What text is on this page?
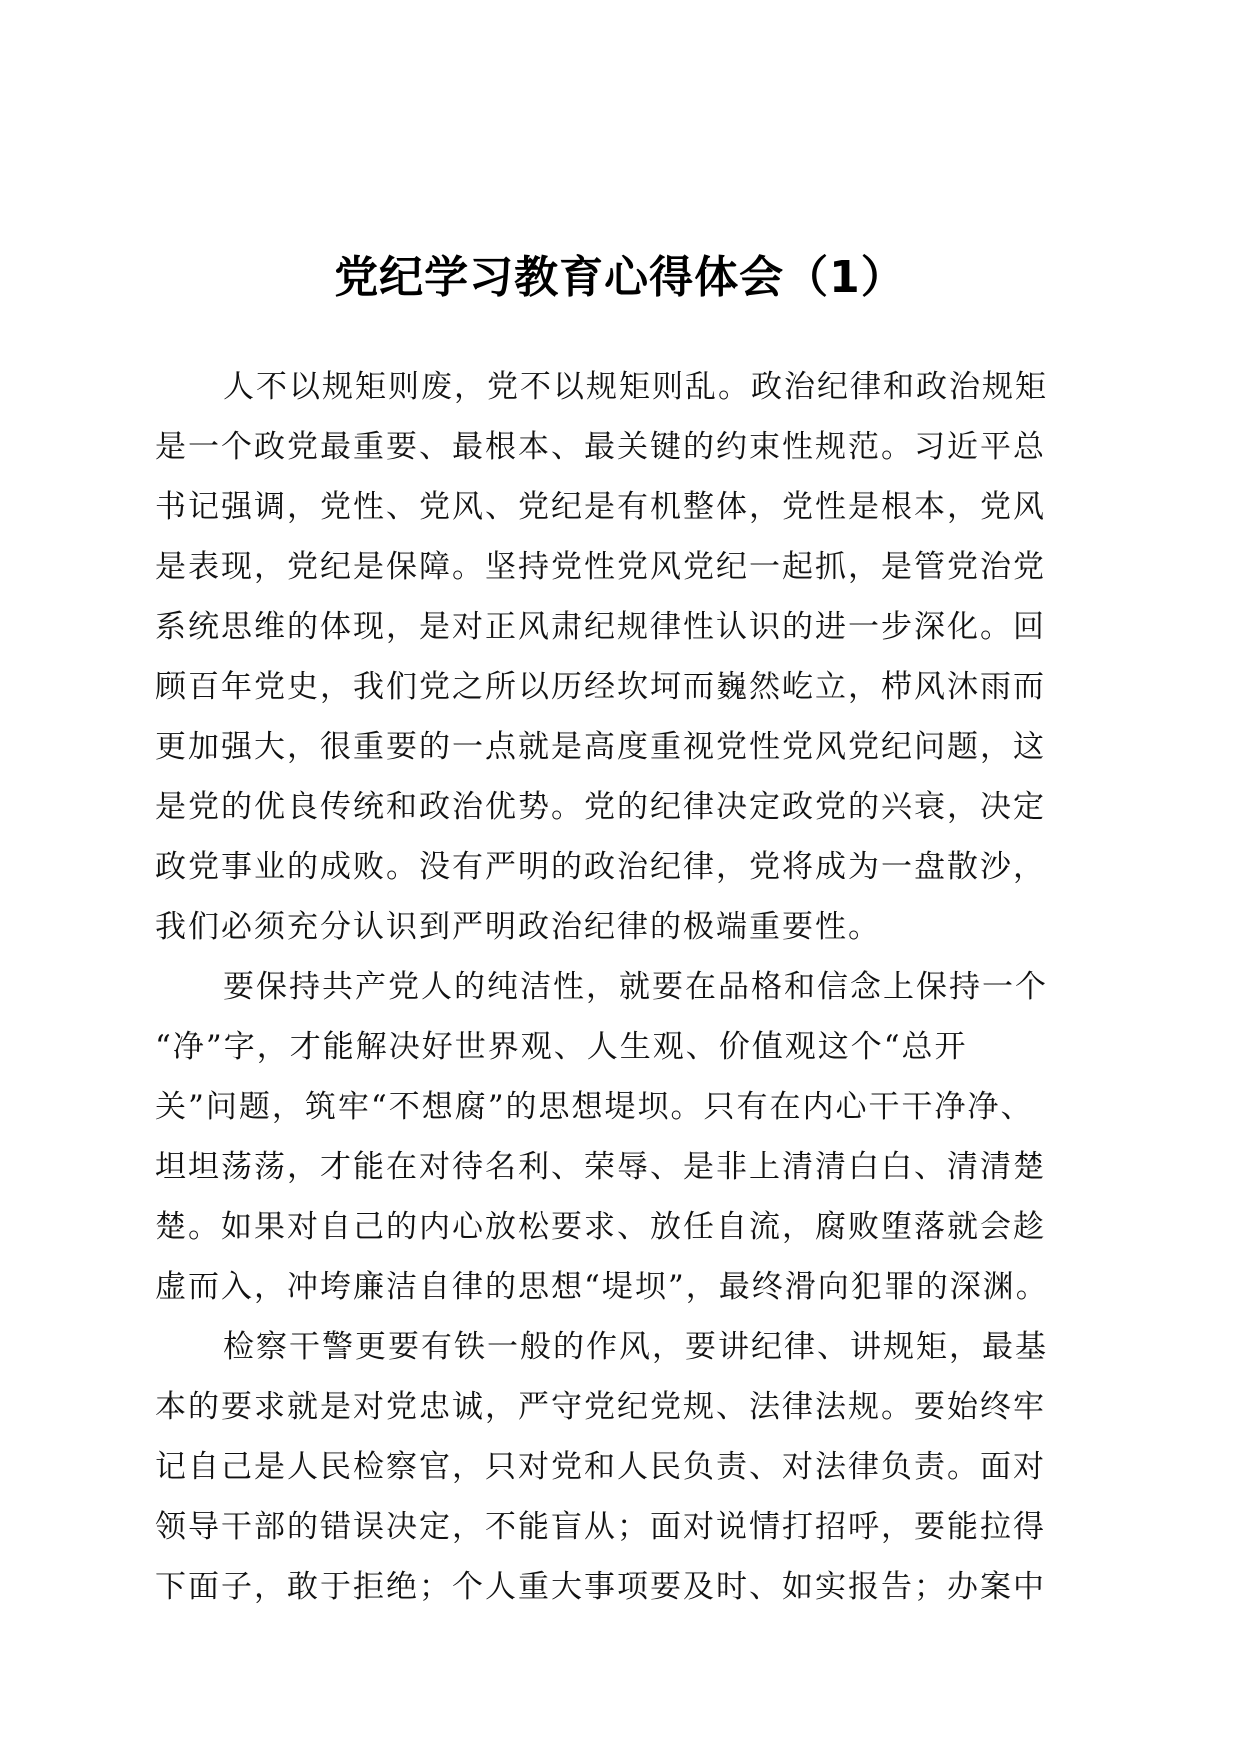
党纪学习教育心得体会（1）
人不以规矩则废，党不以规矩则乱。政治纪律和政治规矩
是一个政党最重要、最根本、最关键的约束性规范。习近平总
书记强调，党性、党风、党纪是有机整体，党性是根本，党风
是表现，党纪是保障。坚持党性党风党纪一起抓，是管党治党
系统思维的体现，是对正风肃纪规律性认识的进一步深化。回
顾百年党史，我们党之所以历经坎坷而巍然屹立，栉风沐雨而
更加强大，很重要的一点就是高度重视党性党风党纪问题，这
是党的优良传统和政治优势。党的纪律决定政党的兴衰，决定
政党事业的成败。没有严明的政治纪律，党将成为一盘散沙，
我们必须充分认识到严明政治纪律的极端重要性。
要保持共产党人的纯洁性，就要在品格和信念上保持一个
“净”字，才能解决好世界观、人生观、价值观这个“总开
关”问题，筑牢“不想腐”的思想堤坝。只有在内心干干净净、
坦坦荡荡，才能在对待名利、荣辱、是非上清清白白、清清楚
楚。如果对自己的内心放松要求、放任自流，腐败堕落就会趁
虚而入，冲垮廉洁自律的思想“堤坝”，最终滑向犯罪的深渊。
检察干警更要有铁一般的作风，要讲纪律、讲规矩，最基
本的要求就是对党忠诚，严守党纪党规、法律法规。要始终牢
记自己是人民检察官，只对党和人民负责、对法律负责。面对
领导干部的错误决定，不能盲从；面对说情打招呼，要能拉得
下面子，敢于拒绝；个人重大事项要及时、如实报告；办案中
